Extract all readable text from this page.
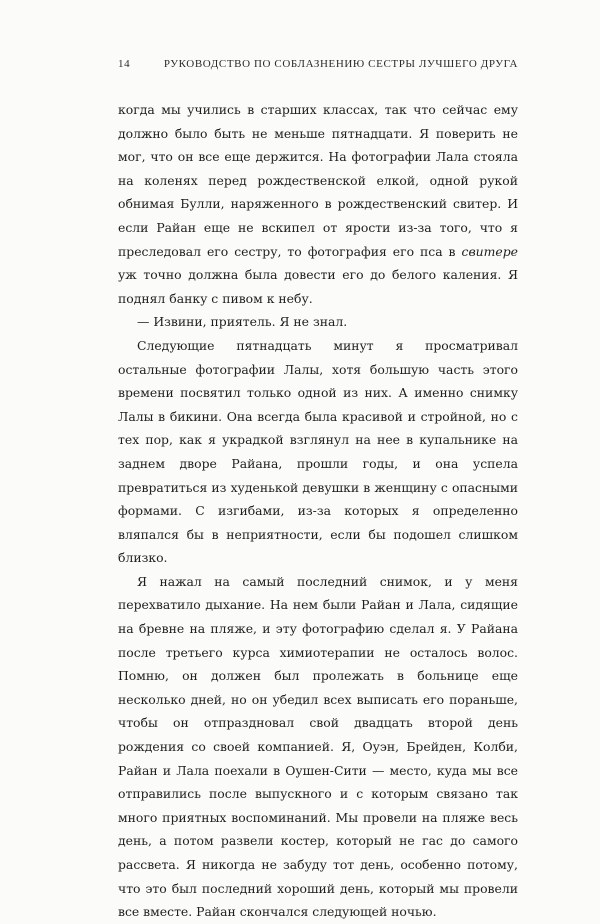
14	РУКОВОДСТВО ПО СОБЛАЗНЕНИЮ СЕСТРЫ ЛУЧШЕГО ДРУГА

когда мы учились в старших классах, так что сейчас ему должно было быть не меньше пятнадцати. Я поверить не мог, что он все еще держится. На фотографии Лала стояла на коленях перед рождественской елкой, одной рукой обнимая Булли, наряженного в рождественский свитер. И если Райан еще не вскипел от ярости из-за того, что я преследовал его сестру, то фотография его пса в свитере уж точно должна была довести его до белого каления. Я поднял банку с пивом к небу.

— Извини, приятель. Я не знал.

Следующие пятнадцать минут я просматривал остальные фотографии Лалы, хотя большую часть этого времени посвятил только одной из них. А именно снимку Лалы в бикини. Она всегда была красивой и стройной, но с тех пор, как я украдкой взглянул на нее в купальнике на заднем дворе Райана, прошли годы, и она успела превратиться из худенькой девушки в женщину с опасными формами. С изгибами, из-за которых я определенно вляпался бы в неприятности, если бы подошел слишком близко.

Я нажал на самый последний снимок, и у меня перехватило дыхание. На нем были Райан и Лала, сидящие на бревне на пляже, и эту фотографию сделал я. У Райана после третьего курса химиотерапии не осталось волос. Помню, он должен был пролежать в больнице еще несколько дней, но он убедил всех выписать его пораньше, чтобы он отпраздновал свой двадцать второй день рождения со своей компанией. Я, Оуэн, Брейден, Колби, Райан и Лала поехали в Оушен-Сити — место, куда мы все отправились после выпускного и с которым связано так много приятных воспоминаний. Мы провели на пляже весь день, а потом развели костер, который не гас до самого рассвета. Я никогда не забуду тот день, особенно потому, что это был последний хороший день, который мы провели все вместе. Райан скончался следующей ночью.
